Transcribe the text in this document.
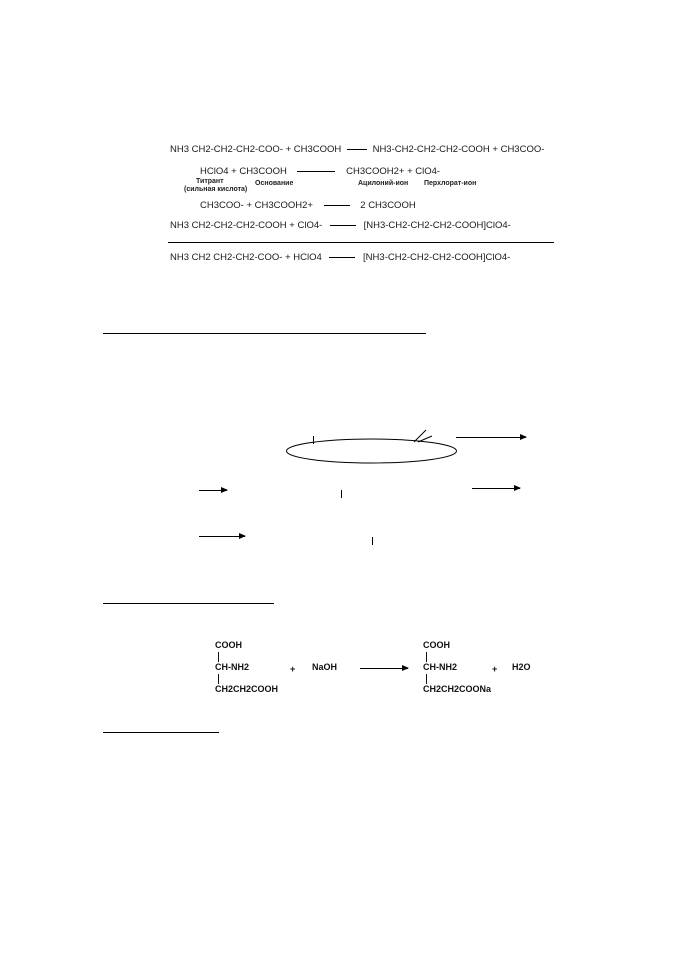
NH3 CH2-CH2-CH2-COO- + CH3COOH	NH3-CH2-CH2-CH2-COOH + CH3COO-
HClO4 + CH3COOH	CH3COOH2+ + ClO4-
Титрант
(сильная кислота)
Основание	Ацилоний-ион Перхлорат-ион
CH3COO- + CH3COOH2+	2 CH3COOH
NH3 CH2-CH2-CH2-COOH + ClO4-	[NH3-CH2-CH2-CH2-COOH]ClO4-
NH3 CH2 CH2-CH2-COO- + HClO4	[NH3-CH2-CH2-CH2-COOH]ClO4-
COOH
CH-NH2
CH2CH2COOH
+ NaOH
COOH
CH-NH2
CH2CH2COONa
+ H2O
